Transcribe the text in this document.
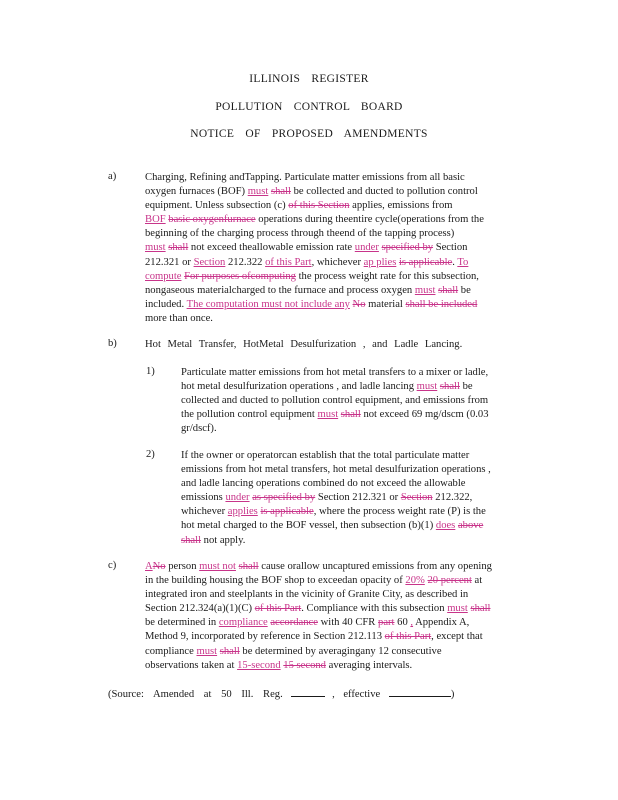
ILLINOIS REGISTER
POLLUTION CONTROL BOARD
NOTICE OF PROPOSED AMENDMENTS
a)	Charging, Refining andTapping. Particulate matter emissions from all basic
oxygen furnaces (BOF) must shall be collected and ducted to pollution control
equipment. Unless subsection (c) of this Section applies, emissions from
BOF basic oxygenfurnace operations during theentire cycle(operations from the
beginning of the charging process through theend of the tapping process)
must shall not exceed theallowable emission rate under specified by Section
212.321 or Section 212.322 of this Part, whichever ap plies is applicable. To
compute For purposes ofcomputing the process weight rate for this subsection,
nongaseous materialcharged to the furnace and process oxygen must shall be
included. The computation must not include any No material shall be included
more than once.
b)	Hot Metal Transfer, HotMetal Desulfurization , and Ladle Lancing.
1) Particulate matter emissions from hot metal transfers to a mixer or ladle,
hot metal desulfurization operations , and ladle lancing must shall be
collected and ducted to pollution control equipment, and emissions from
the pollution control equipment must shall not exceed 69 mg/dscm (0.03
gr/dscf).
2) If the owner or operatorcan establish that the total particulate matter
emissions from hot metal transfers, hot metal desulfurization operations ,
and ladle lancing operations combined do not exceed the allowable
emissions under as specified by Section 212.321 or Section 212.322,
whichever applies is applicable, where the process weight rate (P) is the
hot metal charged to the BOF vessel, then subsection (b)(1) does above
shall not apply.
c)	ANo person must not shall cause orallow uncaptured emissions from any opening
in the building housing the BOF shop to exceedan opacity of 20% 20 percent at
integrated iron and steelplants in the vicinity of Granite City, as described in
Section 212.324(a)(1)(C) of this Part. Compliance with this subsection must shall
be determined in compliance accordance with 40 CFR part 60 , Appendix A,
Method 9, incorporated by reference in Section 212.113 of this Part, except that
compliance must shall be determined by averagingany 12 consecutive
observations taken at 15-second 15 second averaging intervals.
(Source: Amended at 50 Ill. Reg.	, effective	)
